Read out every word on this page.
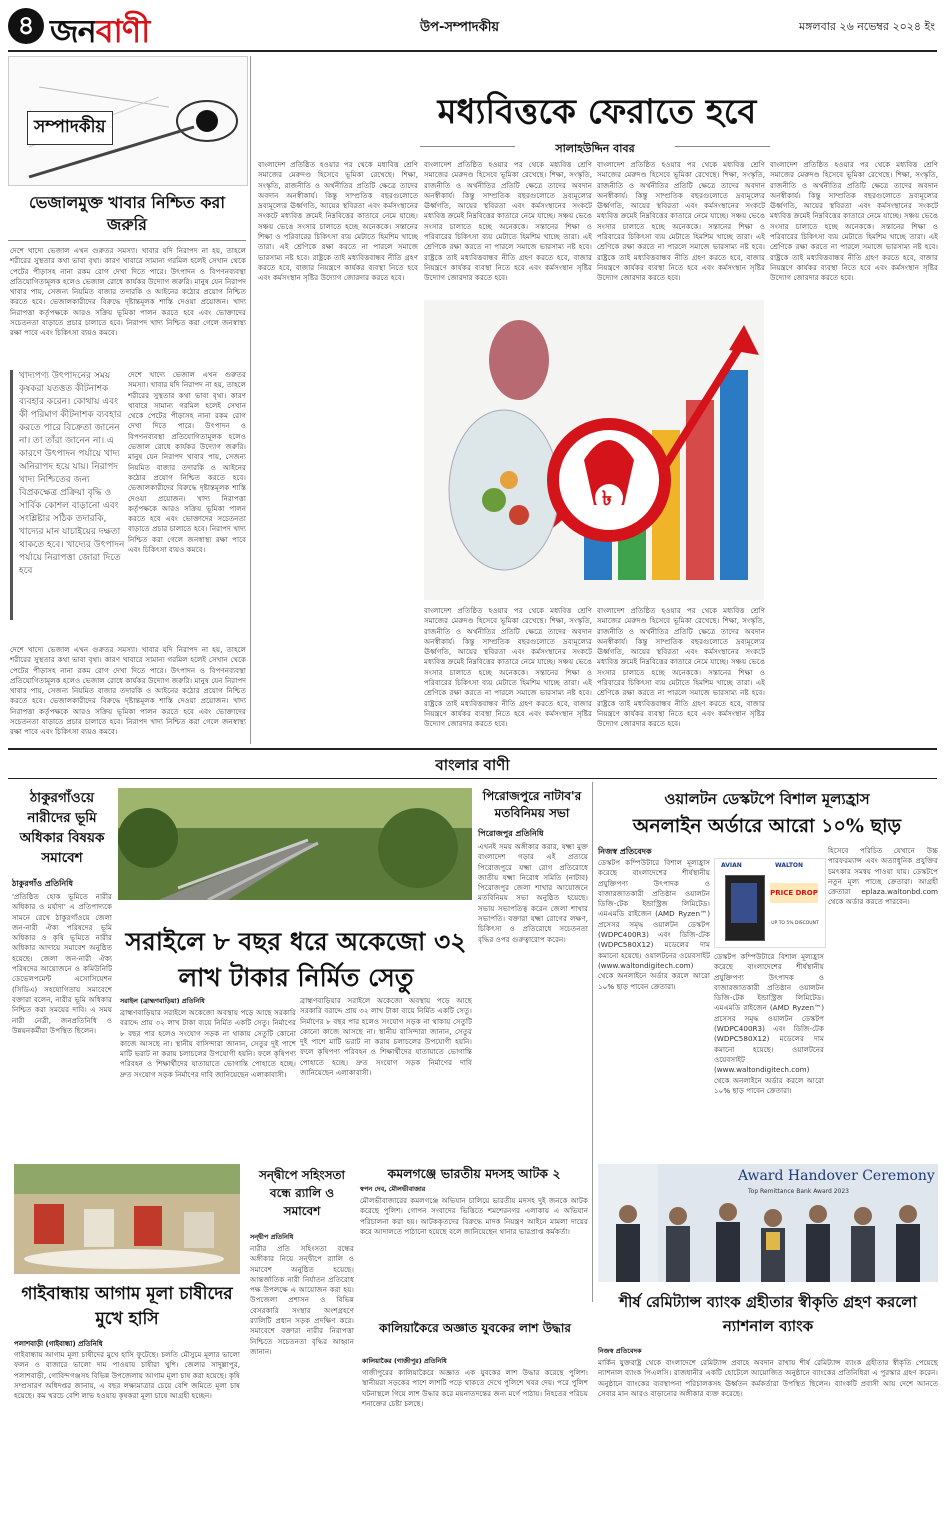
৪ জনবাণী	উপ-সম্পাদকীয়	মঙ্গলবার ২৬ নভেম্বর ২০২৪ ইং
সম্পাদকীয়
ভেজালমুক্ত খাবার নিশ্চিত করা জরুরি
খাদ্যপণ্য উৎপাদনের সময় কৃষকরা যতত্তত কীটনাশক ব্যবহার করেন। কোথায় এবং কী পরিমাণ কীটনাশক ব্যবহার করতে পারে বিক্রেতা জানেন না। তা তাঁরা জানেন না। এ কারণে উৎপাদন পর্যায়ে খাদ্য অনিরাপদ হয়ে যায়। নিরাপদ খাদ্য নিশ্চিতের জন্য বিপ্রকক্ষেত্র প্রক্রিয়া বৃদ্ধি ও সার্বিক কোশল বাড়ানো এবং সংশ্লিষ্টার সঠিক তদারকি, খাদ্যের মান যাচাইয়ের দক্ষতা থাকতে হবে। খাদ্যের উৎপাদন পর্যায়ে নিরাপত্তা জোরা দিতে হবে
দেশে খাদ্যে ভেজাল এখন গুরুতর সমস্যা। খাবার যদি নিরাপদ না হয়, তাহলে শরীরের সুস্থতার কথা ভাবা বৃথা। কারণ খাবারে সামান্য গরমিল হলেই সেখান থেকে পেটের পীড়াসহ নানা রকম রোগ দেখা দিতে পারে। উৎপাদন ও বিপণনব্যবস্থা প্রতিযোগিতামূলক হলেও ভেজাল রোধে কার্যকর উদ্যোগ জরুরি। মানুষ যেন নিরাপদ খাবার পায়, সেজন্য নিয়মিত বাজার তদারকি ও আইনের কঠোর প্রয়োগ নিশ্চিত করতে হবে। ভেজালকারীদের বিরুদ্ধে দৃষ্টান্তমূলক শাস্তি দেওয়া প্রয়োজন। খাদ্য নিরাপত্তা কর্তৃপক্ষকে আরও সক্রিয় ভূমিকা পালন করতে হবে এবং ভোক্তাদের সচেতনতা বাড়াতে প্রচার চালাতে হবে। নিরাপদ খাদ্য নিশ্চিত করা গেলে জনস্বাস্থ্য রক্ষা পাবে এবং চিকিৎসা ব্যয়ও কমবে।
দেশে খাদ্যে ভেজাল এখন গুরুতর সমস্যা। খাবার যদি নিরাপদ না হয়, তাহলে শরীরের সুস্থতার কথা ভাবা বৃথা। কারণ খাবারে সামান্য গরমিল হলেই সেখান থেকে পেটের পীড়াসহ নানা রকম রোগ দেখা দিতে পারে। উৎপাদন ও বিপণনব্যবস্থা প্রতিযোগিতামূলক হলেও ভেজাল রোধে কার্যকর উদ্যোগ জরুরি। মানুষ যেন নিরাপদ খাবার পায়, সেজন্য নিয়মিত বাজার তদারকি ও আইনের কঠোর প্রয়োগ নিশ্চিত করতে হবে। ভেজালকারীদের বিরুদ্ধে দৃষ্টান্তমূলক শাস্তি দেওয়া প্রয়োজন। খাদ্য নিরাপত্তা কর্তৃপক্ষকে আরও সক্রিয় ভূমিকা পালন করতে হবে এবং ভোক্তাদের সচেতনতা বাড়াতে প্রচার চালাতে হবে। নিরাপদ খাদ্য নিশ্চিত করা গেলে জনস্বাস্থ্য রক্ষা পাবে এবং চিকিৎসা ব্যয়ও কমবে।
দেশে খাদ্যে ভেজাল এখন গুরুতর সমস্যা। খাবার যদি নিরাপদ না হয়, তাহলে শরীরের সুস্থতার কথা ভাবা বৃথা। কারণ খাবারে সামান্য গরমিল হলেই সেখান থেকে পেটের পীড়াসহ নানা রকম রোগ দেখা দিতে পারে। উৎপাদন ও বিপণনব্যবস্থা প্রতিযোগিতামূলক হলেও ভেজাল রোধে কার্যকর উদ্যোগ জরুরি। মানুষ যেন নিরাপদ খাবার পায়, সেজন্য নিয়মিত বাজার তদারকি ও আইনের কঠোর প্রয়োগ নিশ্চিত করতে হবে। ভেজালকারীদের বিরুদ্ধে দৃষ্টান্তমূলক শাস্তি দেওয়া প্রয়োজন। খাদ্য নিরাপত্তা কর্তৃপক্ষকে আরও সক্রিয় ভূমিকা পালন করতে হবে এবং ভোক্তাদের সচেতনতা বাড়াতে প্রচার চালাতে হবে। নিরাপদ খাদ্য নিশ্চিত করা গেলে জনস্বাস্থ্য রক্ষা পাবে এবং চিকিৎসা ব্যয়ও কমবে।
মধ্যবিত্তকে ফেরাতে হবে
সালাহউদ্দিন বাবর
বাংলাদেশ প্রতিষ্ঠিত হওয়ার পর থেকে মধ্যবিত্ত শ্রেণি সমাজের মেরুদণ্ড হিসেবে ভূমিকা রেখেছে। শিক্ষা, সংস্কৃতি, রাজনীতি ও অর্থনীতির প্রতিটি ক্ষেত্রে তাদের অবদান অনস্বীকার্য। কিন্তু সাম্প্রতিক বছরগুলোতে দ্রব্যমূল্যের ঊর্ধ্বগতি, আয়ের স্থবিরতা এবং কর্মসংস্থানের সংকটে মধ্যবিত্ত ক্রমেই নিম্নবিত্তের কাতারে নেমে যাচ্ছে। সঞ্চয় ভেঙে সংসার চালাতে হচ্ছে অনেককে। সন্তানের শিক্ষা ও পরিবারের চিকিৎসা ব্যয় মেটাতে হিমশিম খাচ্ছে তারা। এই শ্রেণিকে রক্ষা করতে না পারলে সমাজে ভারসাম্য নষ্ট হবে। রাষ্ট্রকে তাই মধ্যবিত্তবান্ধব নীতি গ্রহণ করতে হবে, বাজার নিয়ন্ত্রণে কার্যকর ব্যবস্থা নিতে হবে এবং কর্মসংস্থান সৃষ্টির উদ্যোগ জোরদার করতে হবে।
বাংলাদেশ প্রতিষ্ঠিত হওয়ার পর থেকে মধ্যবিত্ত শ্রেণি সমাজের মেরুদণ্ড হিসেবে ভূমিকা রেখেছে। শিক্ষা, সংস্কৃতি, রাজনীতি ও অর্থনীতির প্রতিটি ক্ষেত্রে তাদের অবদান অনস্বীকার্য। কিন্তু সাম্প্রতিক বছরগুলোতে দ্রব্যমূল্যের ঊর্ধ্বগতি, আয়ের স্থবিরতা এবং কর্মসংস্থানের সংকটে মধ্যবিত্ত ক্রমেই নিম্নবিত্তের কাতারে নেমে যাচ্ছে। সঞ্চয় ভেঙে সংসার চালাতে হচ্ছে অনেককে। সন্তানের শিক্ষা ও পরিবারের চিকিৎসা ব্যয় মেটাতে হিমশিম খাচ্ছে তারা। এই শ্রেণিকে রক্ষা করতে না পারলে সমাজে ভারসাম্য নষ্ট হবে। রাষ্ট্রকে তাই মধ্যবিত্তবান্ধব নীতি গ্রহণ করতে হবে, বাজার নিয়ন্ত্রণে কার্যকর ব্যবস্থা নিতে হবে এবং কর্মসংস্থান সৃষ্টির উদ্যোগ জোরদার করতে হবে।
বাংলাদেশ প্রতিষ্ঠিত হওয়ার পর থেকে মধ্যবিত্ত শ্রেণি সমাজের মেরুদণ্ড হিসেবে ভূমিকা রেখেছে। শিক্ষা, সংস্কৃতি, রাজনীতি ও অর্থনীতির প্রতিটি ক্ষেত্রে তাদের অবদান অনস্বীকার্য। কিন্তু সাম্প্রতিক বছরগুলোতে দ্রব্যমূল্যের ঊর্ধ্বগতি, আয়ের স্থবিরতা এবং কর্মসংস্থানের সংকটে মধ্যবিত্ত ক্রমেই নিম্নবিত্তের কাতারে নেমে যাচ্ছে। সঞ্চয় ভেঙে সংসার চালাতে হচ্ছে অনেককে। সন্তানের শিক্ষা ও পরিবারের চিকিৎসা ব্যয় মেটাতে হিমশিম খাচ্ছে তারা। এই শ্রেণিকে রক্ষা করতে না পারলে সমাজে ভারসাম্য নষ্ট হবে। রাষ্ট্রকে তাই মধ্যবিত্তবান্ধব নীতি গ্রহণ করতে হবে, বাজার নিয়ন্ত্রণে কার্যকর ব্যবস্থা নিতে হবে এবং কর্মসংস্থান সৃষ্টির উদ্যোগ জোরদার করতে হবে।
বাংলাদেশ প্রতিষ্ঠিত হওয়ার পর থেকে মধ্যবিত্ত শ্রেণি সমাজের মেরুদণ্ড হিসেবে ভূমিকা রেখেছে। শিক্ষা, সংস্কৃতি, রাজনীতি ও অর্থনীতির প্রতিটি ক্ষেত্রে তাদের অবদান অনস্বীকার্য। কিন্তু সাম্প্রতিক বছরগুলোতে দ্রব্যমূল্যের ঊর্ধ্বগতি, আয়ের স্থবিরতা এবং কর্মসংস্থানের সংকটে মধ্যবিত্ত ক্রমেই নিম্নবিত্তের কাতারে নেমে যাচ্ছে। সঞ্চয় ভেঙে সংসার চালাতে হচ্ছে অনেককে। সন্তানের শিক্ষা ও পরিবারের চিকিৎসা ব্যয় মেটাতে হিমশিম খাচ্ছে তারা। এই শ্রেণিকে রক্ষা করতে না পারলে সমাজে ভারসাম্য নষ্ট হবে। রাষ্ট্রকে তাই মধ্যবিত্তবান্ধব নীতি গ্রহণ করতে হবে, বাজার নিয়ন্ত্রণে কার্যকর ব্যবস্থা নিতে হবে এবং কর্মসংস্থান সৃষ্টির উদ্যোগ জোরদার করতে হবে।
৳
বাংলাদেশ প্রতিষ্ঠিত হওয়ার পর থেকে মধ্যবিত্ত শ্রেণি সমাজের মেরুদণ্ড হিসেবে ভূমিকা রেখেছে। শিক্ষা, সংস্কৃতি, রাজনীতি ও অর্থনীতির প্রতিটি ক্ষেত্রে তাদের অবদান অনস্বীকার্য। কিন্তু সাম্প্রতিক বছরগুলোতে দ্রব্যমূল্যের ঊর্ধ্বগতি, আয়ের স্থবিরতা এবং কর্মসংস্থানের সংকটে মধ্যবিত্ত ক্রমেই নিম্নবিত্তের কাতারে নেমে যাচ্ছে। সঞ্চয় ভেঙে সংসার চালাতে হচ্ছে অনেককে। সন্তানের শিক্ষা ও পরিবারের চিকিৎসা ব্যয় মেটাতে হিমশিম খাচ্ছে তারা। এই শ্রেণিকে রক্ষা করতে না পারলে সমাজে ভারসাম্য নষ্ট হবে। রাষ্ট্রকে তাই মধ্যবিত্তবান্ধব নীতি গ্রহণ করতে হবে, বাজার নিয়ন্ত্রণে কার্যকর ব্যবস্থা নিতে হবে এবং কর্মসংস্থান সৃষ্টির উদ্যোগ জোরদার করতে হবে।
বাংলাদেশ প্রতিষ্ঠিত হওয়ার পর থেকে মধ্যবিত্ত শ্রেণি সমাজের মেরুদণ্ড হিসেবে ভূমিকা রেখেছে। শিক্ষা, সংস্কৃতি, রাজনীতি ও অর্থনীতির প্রতিটি ক্ষেত্রে তাদের অবদান অনস্বীকার্য। কিন্তু সাম্প্রতিক বছরগুলোতে দ্রব্যমূল্যের ঊর্ধ্বগতি, আয়ের স্থবিরতা এবং কর্মসংস্থানের সংকটে মধ্যবিত্ত ক্রমেই নিম্নবিত্তের কাতারে নেমে যাচ্ছে। সঞ্চয় ভেঙে সংসার চালাতে হচ্ছে অনেককে। সন্তানের শিক্ষা ও পরিবারের চিকিৎসা ব্যয় মেটাতে হিমশিম খাচ্ছে তারা। এই শ্রেণিকে রক্ষা করতে না পারলে সমাজে ভারসাম্য নষ্ট হবে। রাষ্ট্রকে তাই মধ্যবিত্তবান্ধব নীতি গ্রহণ করতে হবে, বাজার নিয়ন্ত্রণে কার্যকর ব্যবস্থা নিতে হবে এবং কর্মসংস্থান সৃষ্টির উদ্যোগ জোরদার করতে হবে।
বাংলার বাণী
ঠাকুরগাঁওয়ে নারীদের ভূমি অধিকার বিষয়ক সমাবেশ
ঠাকুরগাঁও প্রতিনিধি
'প্রতিষ্ঠিত হোক ভূমিতে নারীর অধিকার ও মর্যাদা' এ প্রতিপাদ্যকে সামনে রেখে ঠাকুরগাঁওয়ে জেলা জন-নারী ঐক্য পরিষদের ভূমি অধিকার ও কৃষি ভূমিতে নারীর অধিকার আদায়ে সমাবেশ অনুষ্ঠিত হয়েছে। জেলা জন-নারী ঐক্য পরিষদের আয়োজনে ও কমিউনিটি ডেভেলপমেন্ট এসোসিয়েশন (সিডিএ) সহযোগিতায় সমাবেশে বক্তারা বলেন, নারীর ভূমি অধিকার নিশ্চিত করা সময়ের দাবি। এ সময় নারী নেত্রী, জনপ্রতিনিধি ও উন্নয়নকর্মীরা উপস্থিত ছিলেন।
সরাইলে ৮ বছর ধরে অকেজো ৩২ লাখ টাকার নির্মিত সেতু
সরাইল (ব্রাহ্মণবাড়িয়া) প্রতিনিধি
ব্রাহ্মণবাড়িয়ার সরাইলে অকেজো অবস্থায় পড়ে আছে সরকারি বরাদ্দে প্রায় ৩২ লাখ টাকা ব্যয়ে নির্মিত একটি সেতু। নির্মাণের ৮ বছর পার হলেও সংযোগ সড়ক না থাকায় সেতুটি কোনো কাজে আসছে না। স্থানীয় বাসিন্দারা জানান, সেতুর দুই পাশে মাটি ভরাট না করায় চলাচলের উপযোগী হয়নি। ফলে কৃষিপণ্য পরিবহন ও শিক্ষার্থীদের যাতায়াতে ভোগান্তি পোহাতে হচ্ছে। দ্রুত সংযোগ সড়ক নির্মাণের দাবি জানিয়েছেন এলাকাবাসী।
ব্রাহ্মণবাড়িয়ার সরাইলে অকেজো অবস্থায় পড়ে আছে সরকারি বরাদ্দে প্রায় ৩২ লাখ টাকা ব্যয়ে নির্মিত একটি সেতু। নির্মাণের ৮ বছর পার হলেও সংযোগ সড়ক না থাকায় সেতুটি কোনো কাজে আসছে না। স্থানীয় বাসিন্দারা জানান, সেতুর দুই পাশে মাটি ভরাট না করায় চলাচলের উপযোগী হয়নি। ফলে কৃষিপণ্য পরিবহন ও শিক্ষার্থীদের যাতায়াতে ভোগান্তি পোহাতে হচ্ছে। দ্রুত সংযোগ সড়ক নির্মাণের দাবি জানিয়েছেন এলাকাবাসী।
পিরোজপুরে নাটাব'র মতবিনিময় সভা
পিরোজপুর প্রতিনিধি
এখনই সময় অঙ্গীকার করার, যক্ষ্মা মুক্ত বাংলাদেশ গড়ার এই প্রত্যয়ে পিরোজপুরে যক্ষ্মা রোগ প্রতিরোধে জাতীয় যক্ষ্মা নিরোধ সমিতি (নাটাব) পিরোজপুর জেলা শাখার আয়োজনে মতবিনিময় সভা অনুষ্ঠিত হয়েছে। সভায় সভাপতিত্ব করেন জেলা শাখার সভাপতি। বক্তারা যক্ষ্মা রোগের লক্ষণ, চিকিৎসা ও প্রতিরোধে সচেতনতা বৃদ্ধির ওপর গুরুত্বারোপ করেন।
ওয়ালটন ডেস্কটপে বিশাল মূল্যহ্রাস
অনলাইন অর্ডারে আরো ১০% ছাড়
নিজস্ব প্রতিবেদক
ডেস্কটপ কম্পিউটারে বিশাল মূল্যহ্রাস করেছে বাংলাদেশের শীর্ষস্থানীয় প্রযুক্তিপণ্য উৎপাদক ও বাজারজাতকারী প্রতিষ্ঠান ওয়ালটন ডিজি-টেক ইন্ডাস্ট্রিজ লিমিটেড। এমএমডি রাইজেন (AMD Ryzen™) প্রসেসর সমৃদ্ধ ওয়ালটন ডেস্কটপ (WDPC400R3) এবং ডিজি-টেক (WDPC580X12) মডেলের দাম কমানো হয়েছে। ওয়ালটনের ওয়েবসাইট (www.waltondigitech.com) থেকে অনলাইনে অর্ডার করলে আরো ১০% ছাড় পাবেন ক্রেতারা।
AVIAN	WALTON
PRICE DROP
UP TO 5% DISCOUNT
ডেস্কটপ কম্পিউটারে বিশাল মূল্যহ্রাস করেছে বাংলাদেশের শীর্ষস্থানীয় প্রযুক্তিপণ্য উৎপাদক ও বাজারজাতকারী প্রতিষ্ঠান ওয়ালটন ডিজি-টেক ইন্ডাস্ট্রিজ লিমিটেড। এমএমডি রাইজেন (AMD Ryzen™) প্রসেসর সমৃদ্ধ ওয়ালটন ডেস্কটপ (WDPC400R3) এবং ডিজি-টেক (WDPC580X12) মডেলের দাম কমানো হয়েছে। ওয়ালটনের ওয়েবসাইট (www.waltondigitech.com) থেকে অনলাইনে অর্ডার করলে আরো ১০% ছাড় পাবেন ক্রেতারা।
হিসেবে পরিচিত যেখানে উচ্চ পারফরম্যান্স এবং অত্যাধুনিক প্রযুক্তির চমৎকার সমন্বয় পাওয়া যায়। ডেস্কটপে নতুন মূল্য পাচ্ছে ক্রেতারা। আগ্রহী ক্রেতারা eplaza.waltonbd.com থেকে অর্ডার করতে পারবেন।
গাইবান্ধায় আগাম মূলা চাষীদের মুখে হাসি
পলাশবাড়ী (গাইবান্ধা) প্রতিনিধি
গাইবান্ধায় আগাম মূলা চাষীদের মুখে হাসি ফুটেছে। চলতি মৌসুমে মূলার ভালো ফলন ও বাজারে ভালো দাম পাওয়ায় চাষীরা খুশি। জেলার সাদুল্লাপুর, পলাশবাড়ী, গোবিন্দগঞ্জসহ বিভিন্ন উপজেলায় আগাম মূলা চাষ করা হয়েছে। কৃষি সম্প্রসারণ অধিদপ্তর জানায়, এ বছর লক্ষ্যমাত্রার চেয়ে বেশি জমিতে মূলা চাষ হয়েছে। কম খরচে বেশি লাভ হওয়ায় কৃষকরা মূলা চাষে আগ্রহী হচ্ছেন।
সন্দ্বীপে সহিংসতা বন্ধে র‍্যালি ও সমাবেশ
সন্দ্বীপ প্রতিনিধি
নারীর প্রতি সহিংসতা বন্ধের অঙ্গীকার নিয়ে সন্দ্বীপে র‍্যালি ও সমাবেশ অনুষ্ঠিত হয়েছে। আন্তর্জাতিক নারী নির্যাতন প্রতিরোধ পক্ষ উপলক্ষে এ আয়োজন করা হয়। উপজেলা প্রশাসন ও বিভিন্ন বেসরকারি সংস্থার অংশগ্রহণে র‍্যালিটি প্রধান সড়ক প্রদক্ষিণ করে। সমাবেশে বক্তারা নারীর নিরাপত্তা নিশ্চিতে সচেতনতা বৃদ্ধির আহ্বান জানান।
কমলগঞ্জে ভারতীয় মদসহ আটক ২
স্বপন দেব, মৌলভীবাজার
মৌলভীবাজারের কমলগঞ্জে অভিযান চালিয়ে ভারতীয় মদসহ দুই জনকে আটক করেছে পুলিশ। গোপন সংবাদের ভিত্তিতে শমশেরনগর এলাকায় এ অভিযান পরিচালনা করা হয়। আটককৃতদের বিরুদ্ধে মাদক নিয়ন্ত্রণ আইনে মামলা দায়ের করে আদালতে পাঠানো হয়েছে বলে জানিয়েছেন থানার ভারপ্রাপ্ত কর্মকর্তা।
কালিয়াকৈরে অজ্ঞাত যুবকের লাশ উদ্ধার
কালিয়াকৈর (গাজীপুর) প্রতিনিধি
গাজীপুরের কালিয়াকৈরে অজ্ঞাত এক যুবকের লাশ উদ্ধার করেছে পুলিশ। স্থানীয়রা সড়কের পাশে লাশটি পড়ে থাকতে দেখে পুলিশে খবর দেয়। পরে পুলিশ ঘটনাস্থলে গিয়ে লাশ উদ্ধার করে ময়নাতদন্তের জন্য মর্গে পাঠায়। নিহতের পরিচয় শনাক্তের চেষ্টা চলছে।
Award Handover Ceremony
Top Remittance Bank Award 2023
শীর্ষ রেমিট্যান্স ব্যাংক গ্রহীতার স্বীকৃতি গ্রহণ করলো ন্যাশনাল ব্যাংক
নিজস্ব প্রতিবেদক
মার্কিন যুক্তরাষ্ট্র থেকে বাংলাদেশে রেমিট্যান্স প্রবাহে অবদান রাখায় শীর্ষ রেমিট্যান্স ব্যাংক গ্রহীতার স্বীকৃতি পেয়েছে ন্যাশনাল ব্যাংক পিএলসি। রাজধানীর একটি হোটেলে আয়োজিত অনুষ্ঠানে ব্যাংকের প্রতিনিধিরা এ পুরস্কার গ্রহণ করেন। অনুষ্ঠানে ব্যাংকের ব্যবস্থাপনা পরিচালকসহ ঊর্ধ্বতন কর্মকর্তারা উপস্থিত ছিলেন। ব্যাংকটি প্রবাসী আয় দেশে আনতে সেবার মান আরও বাড়ানোর অঙ্গীকার ব্যক্ত করেছে।
